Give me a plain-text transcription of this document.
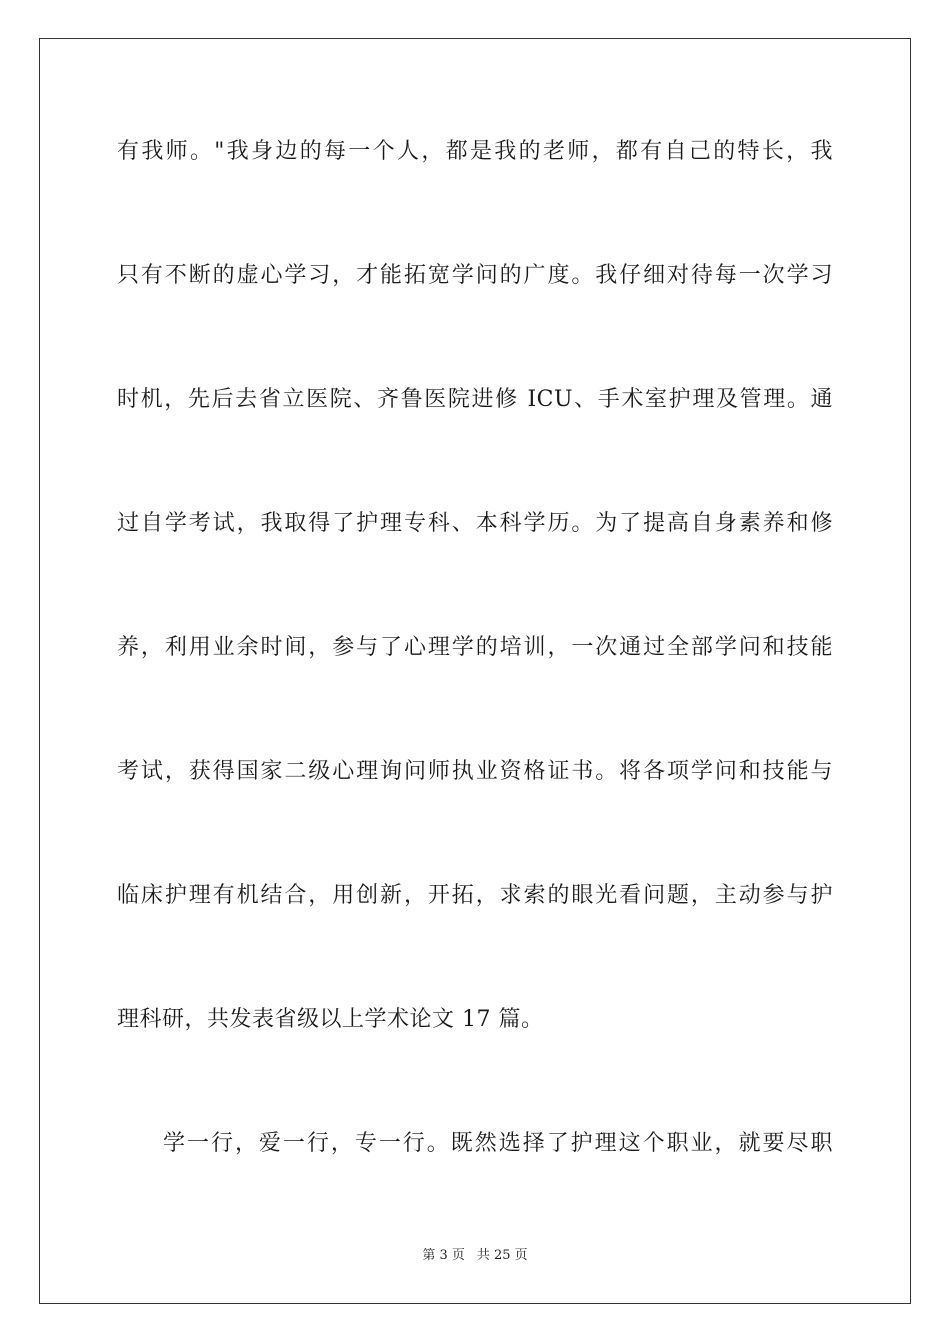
有我师。"我身边的每一个人，都是我的老师，都有自己的特长，我
只有不断的虚心学习，才能拓宽学问的广度。我仔细对待每一次学习
时机，先后去省立医院、齐鲁医院进修 ICU、手术室护理及管理。通
过自学考试，我取得了护理专科、本科学历。为了提高自身素养和修
养，利用业余时间，参与了心理学的培训，一次通过全部学问和技能
考试，获得国家二级心理询问师执业资格证书。将各项学问和技能与
临床护理有机结合，用创新，开拓，求索的眼光看问题，主动参与护
理科研，共发表省级以上学术论文 17 篇。
学一行，爱一行，专一行。既然选择了护理这个职业，就要尽职
第 3 页 共 25 页
